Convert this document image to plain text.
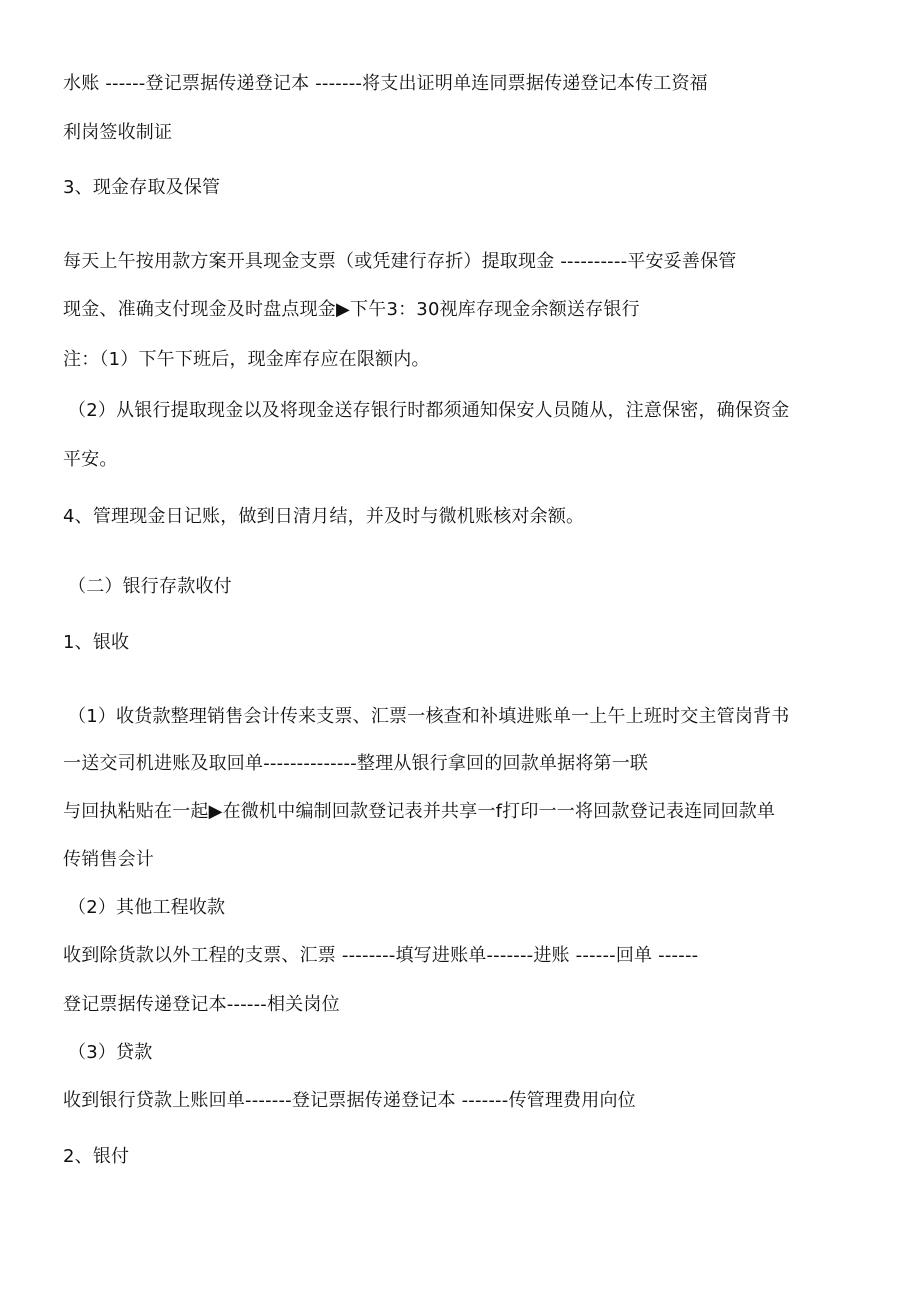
水账 ------登记票据传递登记本 -------将支出证明单连同票据传递登记本传工资福
利岗签收制证
3、现金存取及保管
每天上午按用款方案开具现金支票（或凭建行存折）提取现金 ----------平安妥善保管
现金、准确支付现金及时盘点现金▶下午3：30视库存现金余额送存银行
注：（1）下午下班后，现金库存应在限额内。
（2）从银行提取现金以及将现金送存银行时都须通知保安人员随从，注意保密，确保资金
平安。
4、管理现金日记账，做到日清月结，并及时与微机账核对余额。
（二）银行存款收付
1、银收
（1）收货款整理销售会计传来支票、汇票一核查和补填进账单一上午上班时交主管岗背书
一送交司机进账及取回单--------------整理从银行拿回的回款单据将第一联
与回执粘贴在一起▶在微机中编制回款登记表并共享一f打印一一将回款登记表连同回款单
传销售会计
（2）其他工程收款
收到除货款以外工程的支票、汇票 --------填写进账单-------进账 ------回单 ------
登记票据传递登记本------相关岗位
（3）贷款
收到银行贷款上账回单-------登记票据传递登记本 -------传管理费用向位
2、银付
